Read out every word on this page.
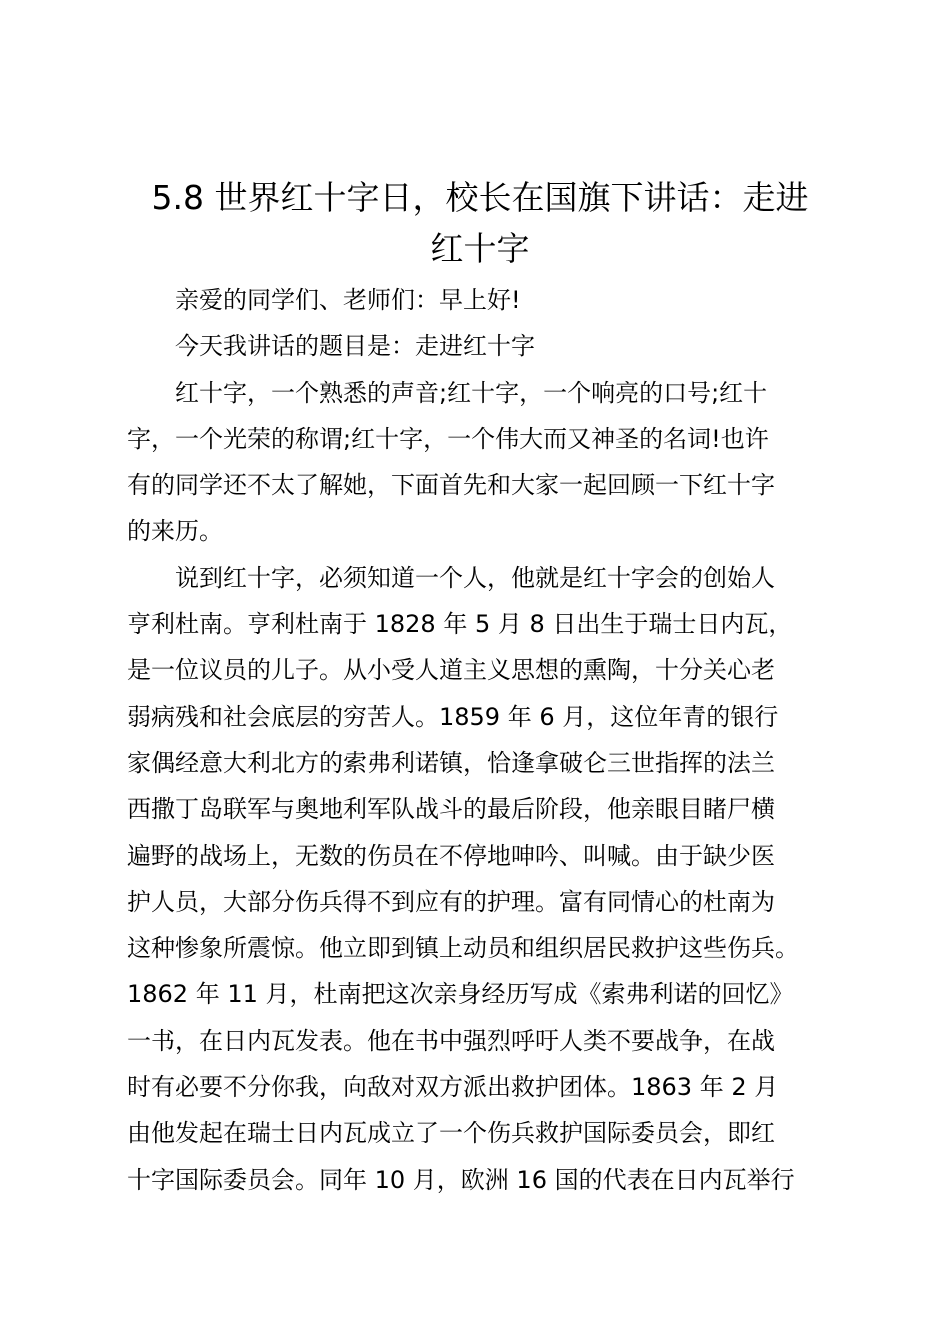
5.8 世界红十字日，校长在国旗下讲话：走进
红十字

亲爱的同学们、老师们：早上好!

今天我讲话的题目是：走进红十字

红十字，一个熟悉的声音;红十字，一个响亮的口号;红十
字，一个光荣的称谓;红十字，一个伟大而又神圣的名词!也许
有的同学还不太了解她，下面首先和大家一起回顾一下红十字
的来历。

说到红十字，必须知道一个人，他就是红十字会的创始人
亨利杜南。亨利杜南于 1828 年 5 月 8 日出生于瑞士日内瓦，
是一位议员的儿子。从小受人道主义思想的熏陶，十分关心老
弱病残和社会底层的穷苦人。1859 年 6 月，这位年青的银行
家偶经意大利北方的索弗利诺镇，恰逢拿破仑三世指挥的法兰
西撒丁岛联军与奥地利军队战斗的最后阶段，他亲眼目睹尸横
遍野的战场上，无数的伤员在不停地呻吟、叫喊。由于缺少医
护人员，大部分伤兵得不到应有的护理。富有同情心的杜南为
这种惨象所震惊。他立即到镇上动员和组织居民救护这些伤兵。
1862 年 11 月，杜南把这次亲身经历写成《索弗利诺的回忆》
一书，在日内瓦发表。他在书中强烈呼吁人类不要战争，在战
时有必要不分你我，向敌对双方派出救护团体。1863 年 2 月
由他发起在瑞士日内瓦成立了一个伤兵救护国际委员会，即红
十字国际委员会。同年 10 月，欧洲 16 国的代表在日内瓦举行
